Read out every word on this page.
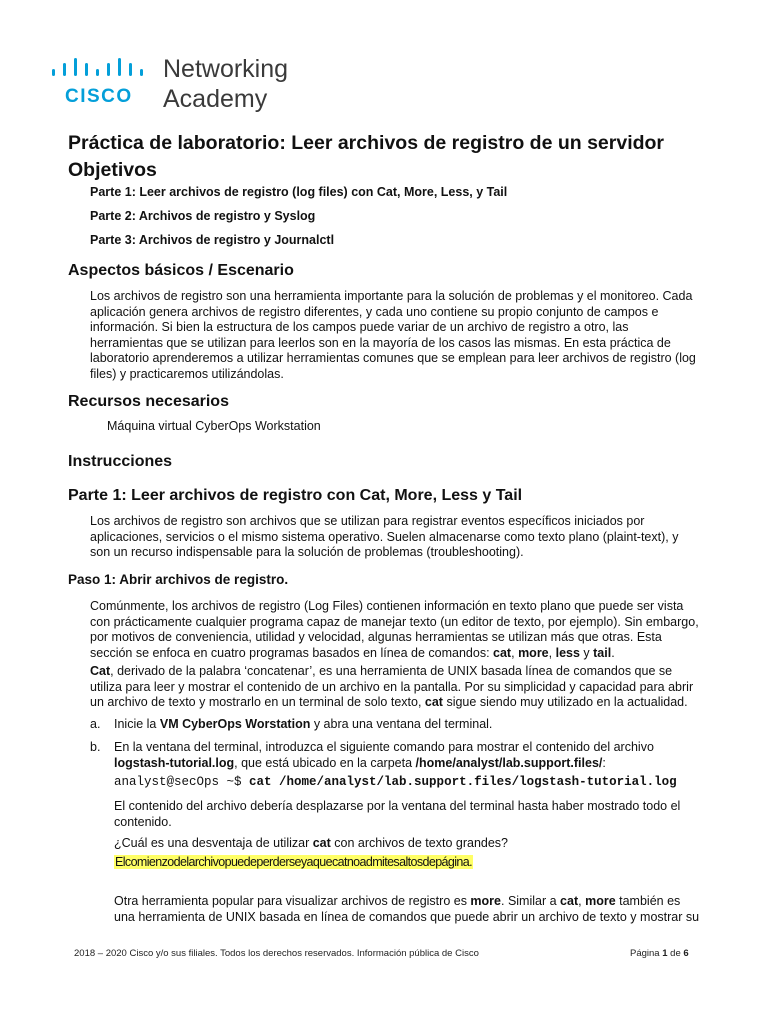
CISCO
Networking
Academy
Práctica de laboratorio: Leer archivos de registro de un servidor
Objetivos
Parte 1: Leer archivos de registro (log files) con Cat, More, Less, y Tail
Parte 2: Archivos de registro y Syslog
Parte 3: Archivos de registro y Journalctl
Aspectos básicos / Escenario

Los archivos de registro son una herramienta importante para la solución de problemas y el monitoreo. Cada aplicación genera archivos de registro diferentes, y cada uno contiene su propio conjunto de campos e información. Si bien la estructura de los campos puede variar de un archivo de registro a otro, las herramientas que se utilizan para leerlos son en la mayoría de los casos las mismas. En esta práctica de laboratorio aprenderemos a utilizar herramientas comunes que se emplean para leer archivos de registro (log files) y practicaremos utilizándolas.

Recursos necesarios
Máquina virtual CyberOps Workstation
Instrucciones
Parte 1: Leer archivos de registro con Cat, More, Less y Tail

Los archivos de registro son archivos que se utilizan para registrar eventos específicos iniciados por aplicaciones, servicios o el mismo sistema operativo. Suelen almacenarse como texto plano (plaint-text), y son un recurso indispensable para la solución de problemas (troubleshooting).

Paso 1: Abrir archivos de registro.

Comúnmente, los archivos de registro (Log Files) contienen información en texto plano que puede ser vista con prácticamente cualquier programa capaz de manejar texto (un editor de texto, por ejemplo). Sin embargo, por motivos de conveniencia, utilidad y velocidad, algunas herramientas se utilizan más que otras. Esta sección se enfoca en cuatro programas basados en línea de comandos: cat, more, less y tail.

Cat, derivado de la palabra ‘concatenar’, es una herramienta de UNIX basada línea de comandos que se utiliza para leer y mostrar el contenido de un archivo en la pantalla. Por su simplicidad y capacidad para abrir un archivo de texto y mostrarlo en un terminal de solo texto, cat sigue siendo muy utilizado en la actualidad.

a. Inicie la VM CyberOps Worstation y abra una ventana del terminal.

b. En la ventana del terminal, introduzca el siguiente comando para mostrar el contenido del archivo logstash-tutorial.log, que está ubicado en la carpeta /home/analyst/lab.support.files/:

analyst@secOps ~$ cat /home/analyst/lab.support.files/logstash-tutorial.log

El contenido del archivo debería desplazarse por la ventana del terminal hasta haber mostrado todo el contenido.

¿Cuál es una desventaja de utilizar cat con archivos de texto grandes?

Elcomienzodelarchivopuedeperderseyaquecatnoadmitesaltosdepágina.

Otra herramienta popular para visualizar archivos de registro es more. Similar a cat, more también es una herramienta de UNIX basada en línea de comandos que puede abrir un archivo de texto y mostrar su

2018 – 2020 Cisco y/o sus filiales. Todos los derechos reservados. Información pública de Cisco	Página 1 de 6
